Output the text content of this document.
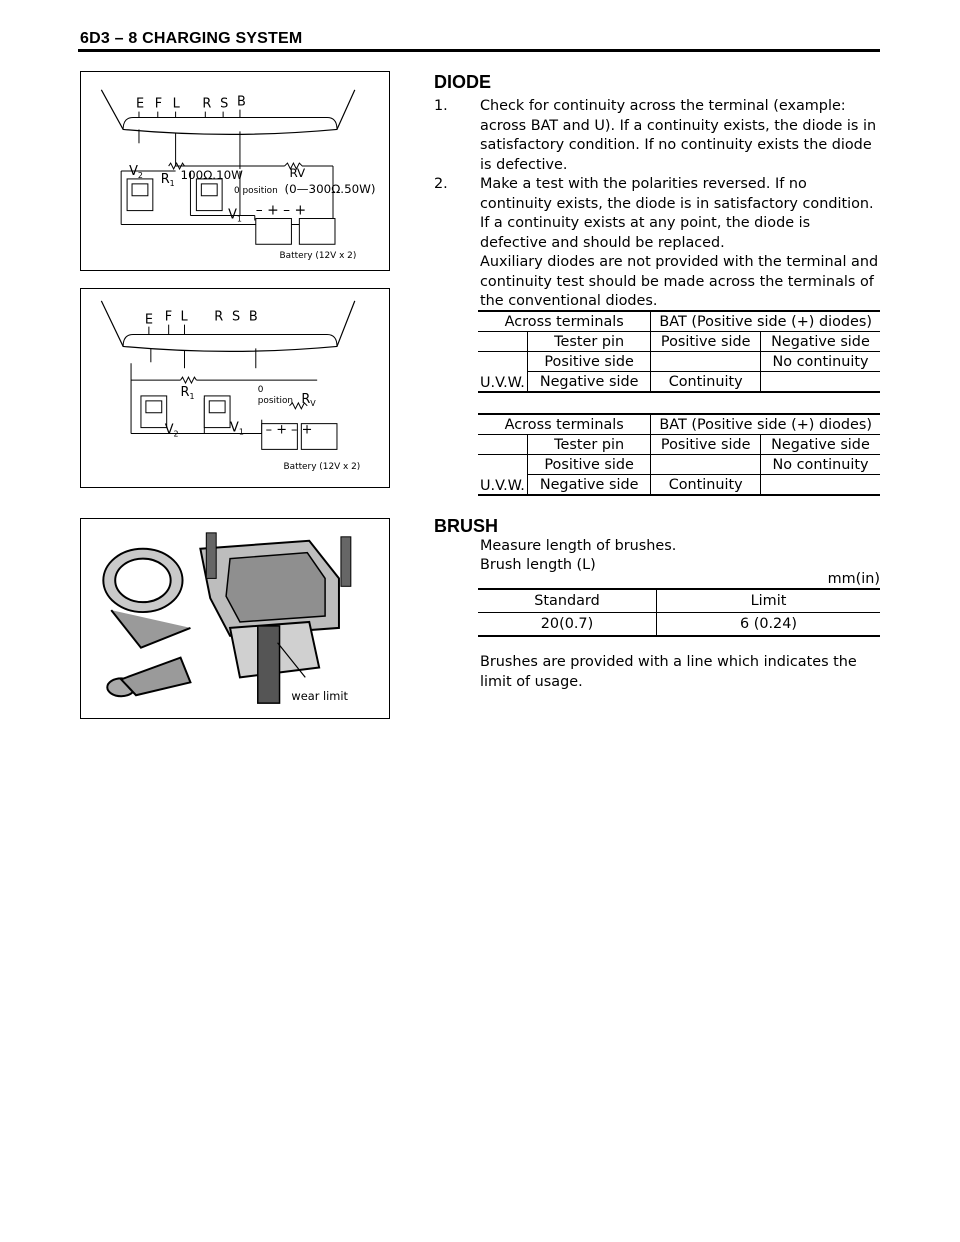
6D3 – 8 CHARGING SYSTEM
E F L R S B
$V_2$ $R_1$
100Ω.10W	RV
(0—300Ω.50W)
0 position
$V_1$
– + – +
Battery (12V x 2)
E F L R S B
$R_1$
0
position $R_V$
$V_2$	$V_1$ – + – +
Battery (12V x 2)
wear limit
DIODE
1. Check for continuity across the terminal (example: across BAT and U). If a continuity exists, the diode is in satisfactory condition. If no continuity exists the diode is defective.
2. Make a test with the polarities reversed. If no continuity exists, the diode is in satisfactory condition. If a continuity exists at any point, the diode is defective and should be replaced.
Auxiliary diodes are not provided with the terminal and continuity test should be made across the terminals of the conventional diodes.
Across terminals		BAT (Positive side (+) diodes)	
	Tester pin	Positive side	Negative side
U.V.W.	Positive side		No continuity
	Negative side	Continuity	
Across terminals		BAT (Positive side (+) diodes)	
	Tester pin	Positive side	Negative side
U.V.W.	Positive side		No continuity
	Negative side	Continuity	
BRUSH
Measure length of brushes.
Brush length (L)
mm(in)
Standard	Limit
20(0.7)	6 (0.24)
Brushes are provided with a line which indicates the limit of usage.
